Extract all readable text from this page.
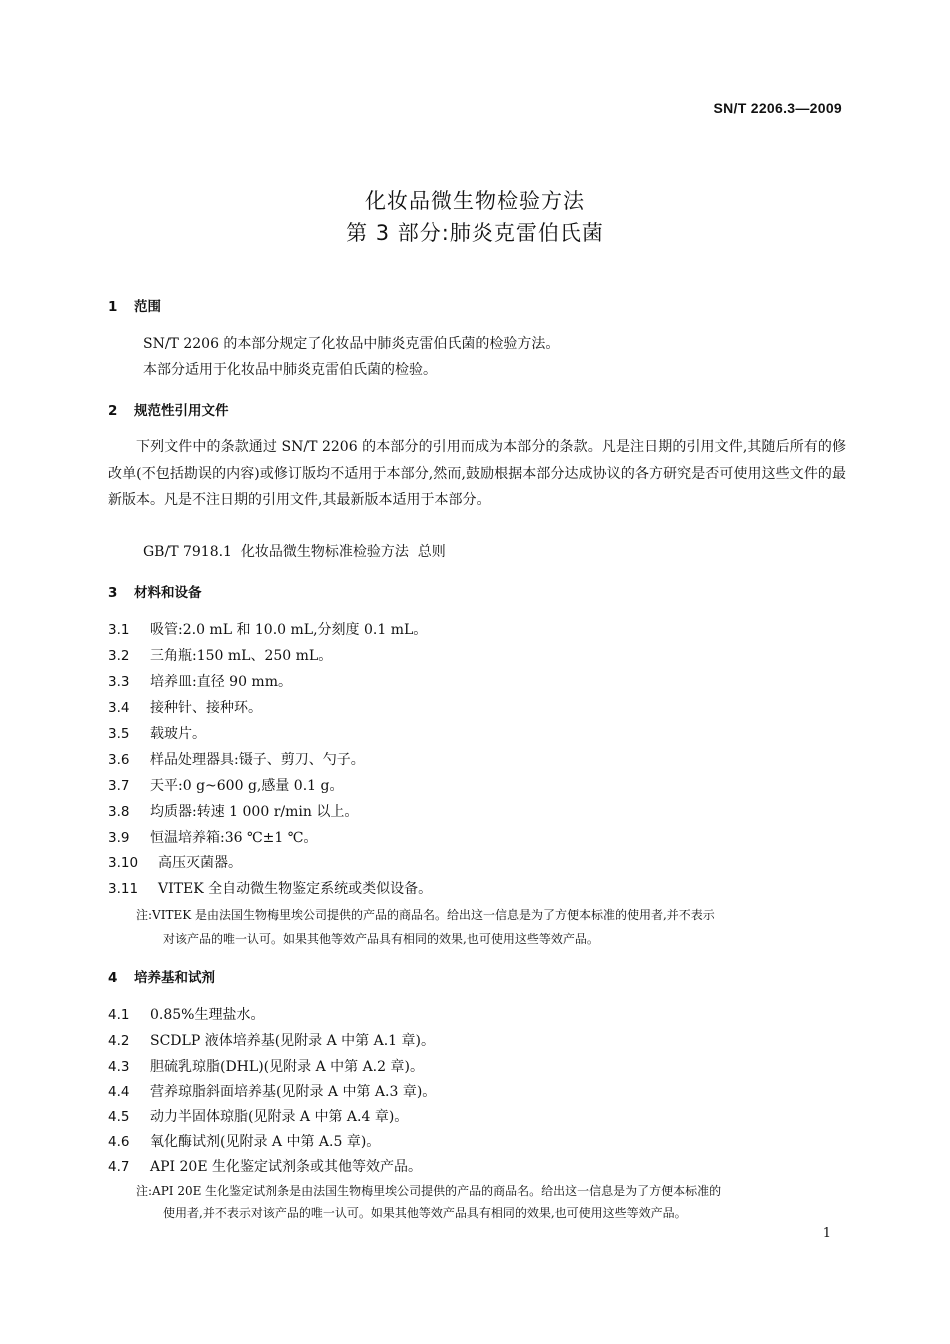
SN/T 2206.3—2009
化妆品微生物检验方法
第 3 部分:肺炎克雷伯氏菌
1 范围
SN/T 2206 的本部分规定了化妆品中肺炎克雷伯氏菌的检验方法。
本部分适用于化妆品中肺炎克雷伯氏菌的检验。
2 规范性引用文件
下列文件中的条款通过 SN/T 2206 的本部分的引用而成为本部分的条款。凡是注日期的引用文件,其随后所有的修改单(不包括勘误的内容)或修订版均不适用于本部分,然而,鼓励根据本部分达成协议的各方研究是否可使用这些文件的最新版本。凡是不注日期的引用文件,其最新版本适用于本部分。
GB/T 7918.1  化妆品微生物标准检验方法  总则
3 材料和设备
3.1 吸管:2.0 mL 和 10.0 mL,分刻度 0.1 mL。
3.2 三角瓶:150 mL、250 mL。
3.3 培养皿:直径 90 mm。
3.4 接种针、接种环。
3.5 载玻片。
3.6 样品处理器具:镊子、剪刀、勺子。
3.7 天平:0 g~600 g,感量 0.1 g。
3.8 均质器:转速 1 000 r/min 以上。
3.9 恒温培养箱:36 ℃±1 ℃。
3.10 高压灭菌器。
3.11 VITEK 全自动微生物鉴定系统或类似设备。
注:VITEK 是由法国生物梅里埃公司提供的产品的商品名。给出这一信息是为了方便本标准的使用者,并不表示
对该产品的唯一认可。如果其他等效产品具有相同的效果,也可使用这些等效产品。
4 培养基和试剂
4.1 0.85%生理盐水。
4.2 SCDLP 液体培养基(见附录 A 中第 A.1 章)。
4.3 胆硫乳琼脂(DHL)(见附录 A 中第 A.2 章)。
4.4 营养琼脂斜面培养基(见附录 A 中第 A.3 章)。
4.5 动力半固体琼脂(见附录 A 中第 A.4 章)。
4.6 氧化酶试剂(见附录 A 中第 A.5 章)。
4.7 API 20E 生化鉴定试剂条或其他等效产品。
注:API 20E 生化鉴定试剂条是由法国生物梅里埃公司提供的产品的商品名。给出这一信息是为了方便本标准的
使用者,并不表示对该产品的唯一认可。如果其他等效产品具有相同的效果,也可使用这些等效产品。
1
